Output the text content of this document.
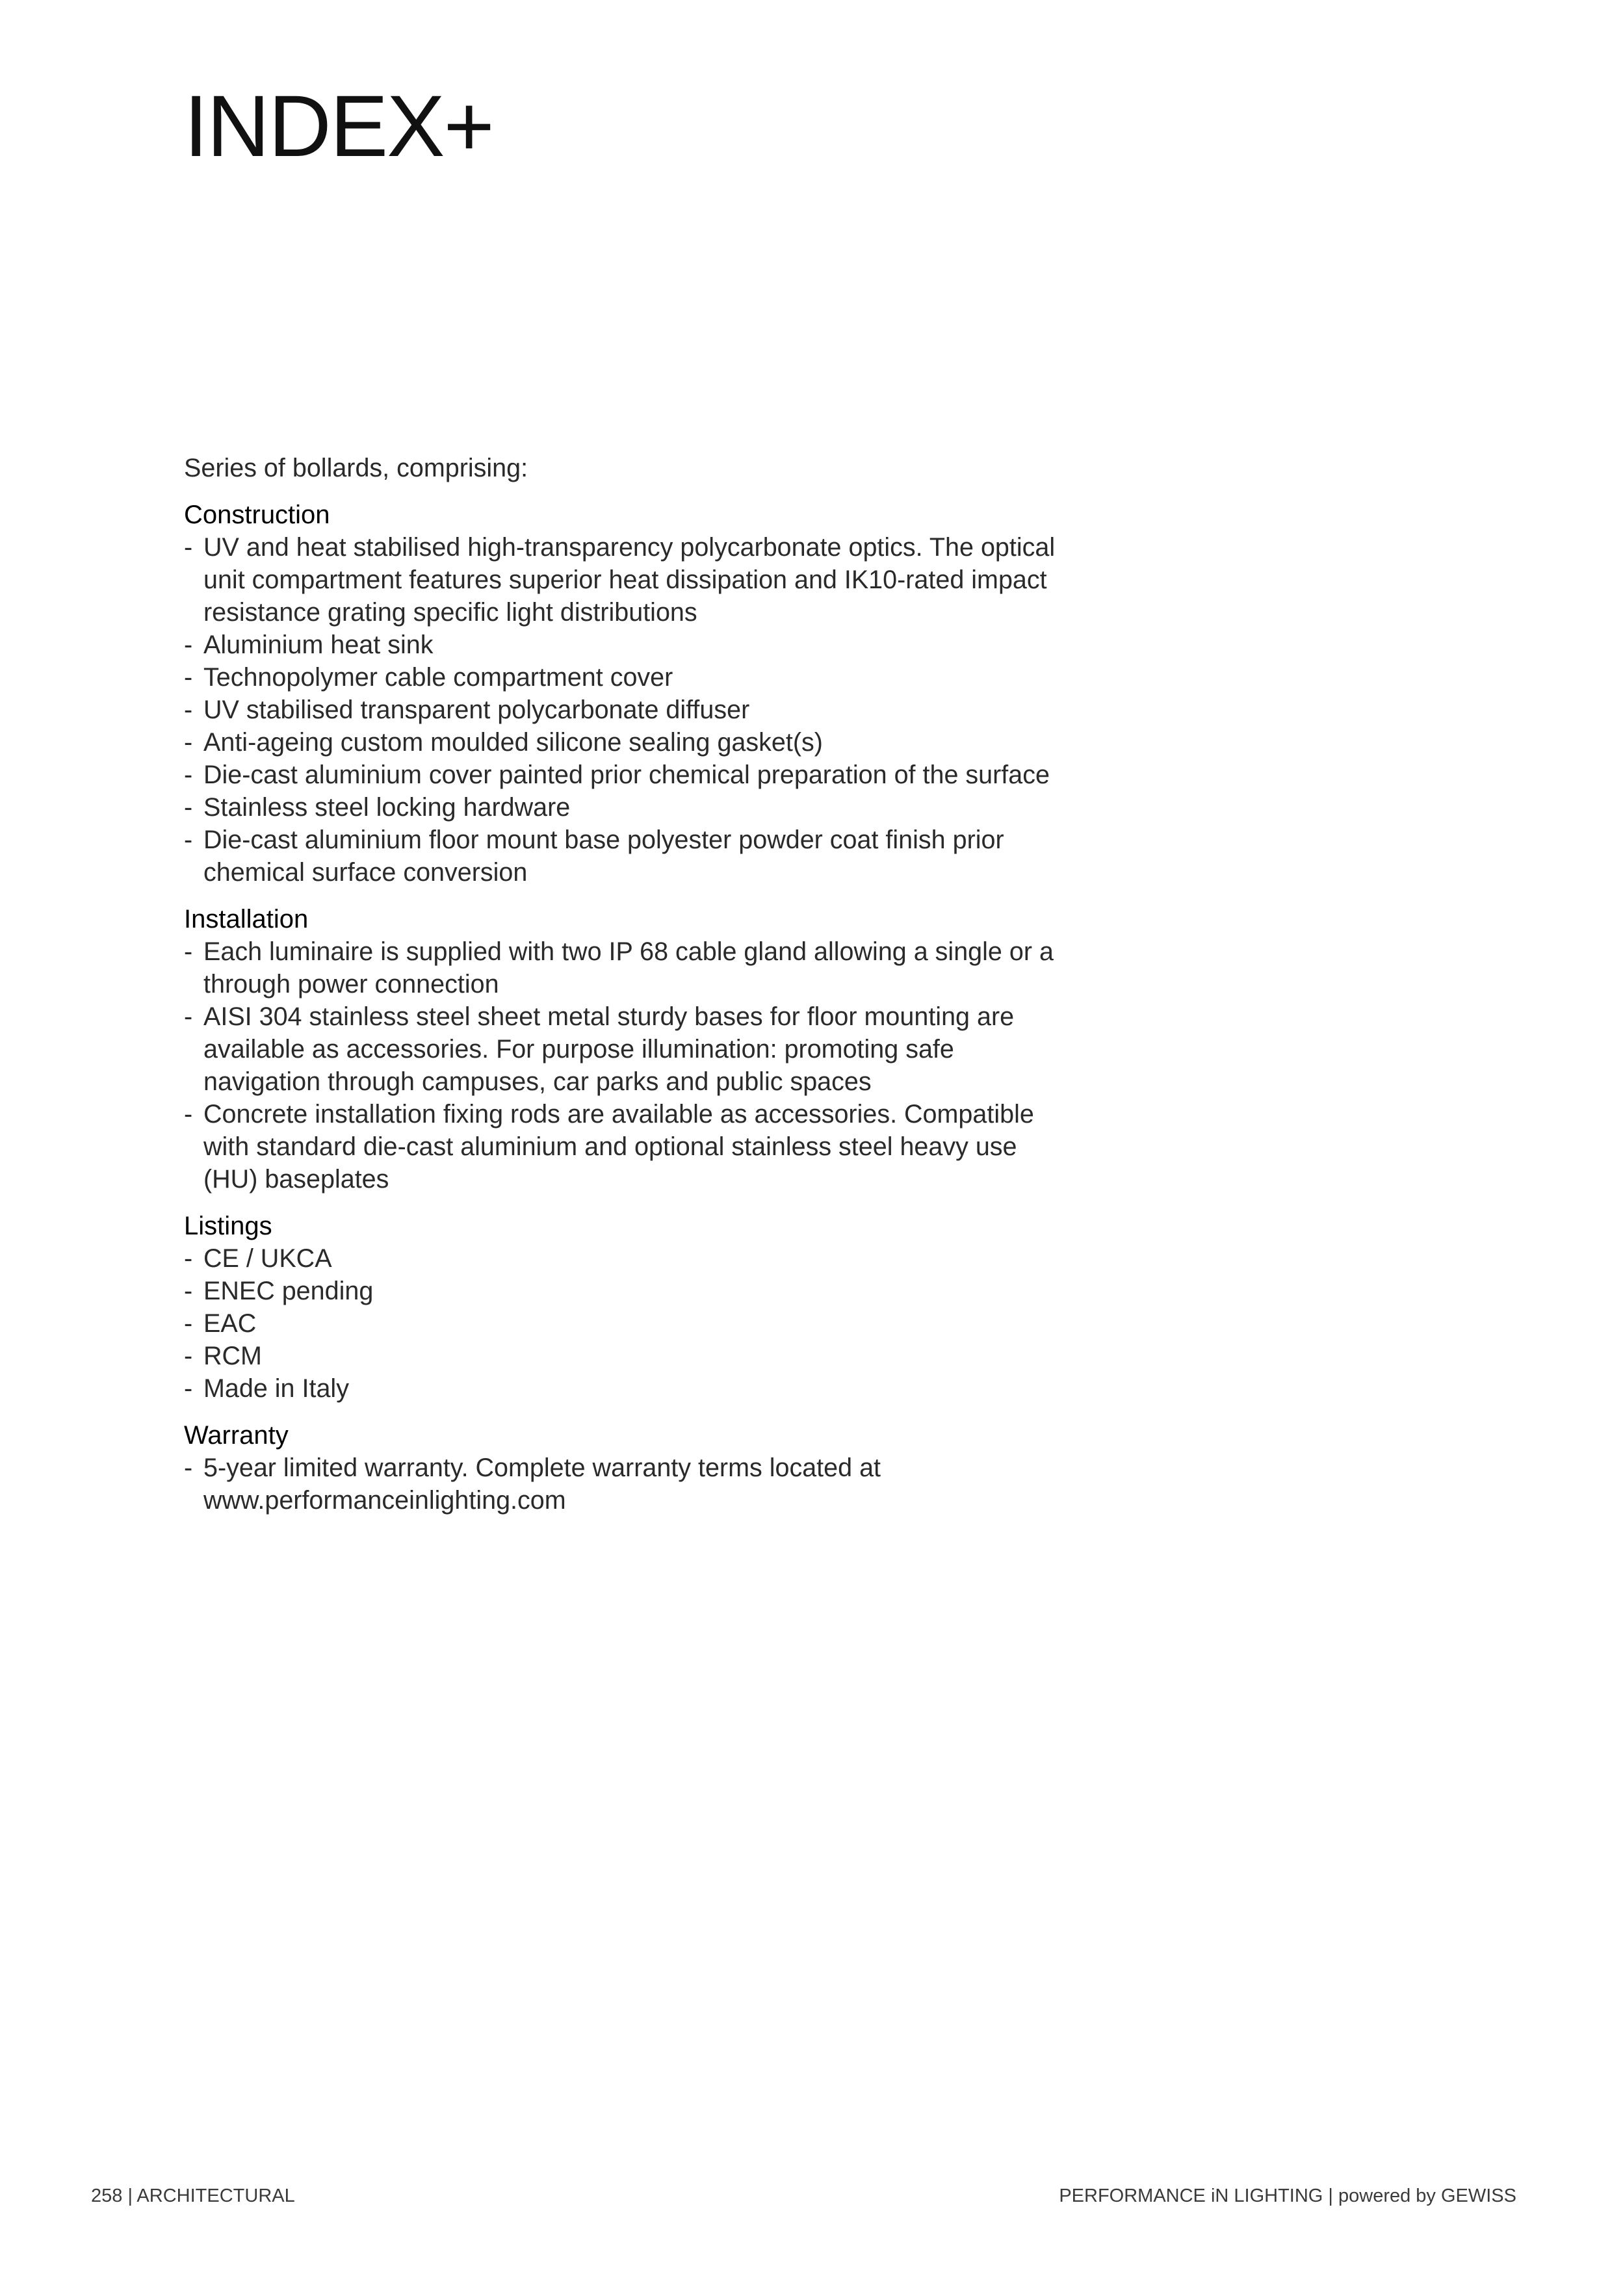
INDEX+

Series of bollards, comprising:

Construction

- UV and heat stabilised high-transparency polycarbonate optics. The optical unit compartment features superior heat dissipation and IK10-rated impact resistance grating specific light distributions
- Aluminium heat sink
- Technopolymer cable compartment cover
- UV stabilised transparent polycarbonate diffuser
- Anti-ageing custom moulded silicone sealing gasket(s)
- Die-cast aluminium cover painted prior chemical preparation of the surface
- Stainless steel locking hardware
- Die-cast aluminium floor mount base polyester powder coat finish prior chemical surface conversion

Installation

- Each luminaire is supplied with two IP 68 cable gland allowing a single or a through power connection
- AISI 304 stainless steel sheet metal sturdy bases for floor mounting are available as accessories. For purpose illumination: promoting safe navigation through campuses, car parks and public spaces
- Concrete installation fixing rods are available as accessories. Compatible with standard die-cast aluminium and optional stainless steel heavy use (HU) baseplates

Listings

- CE / UKCA
- ENEC pending
- EAC
- RCM
- Made in Italy

Warranty

- 5-year limited warranty. Complete warranty terms located at www.performanceinlighting.com
258 | ARCHITECTURAL	PERFORMANCE iN LIGHTING | powered by GEWISS
